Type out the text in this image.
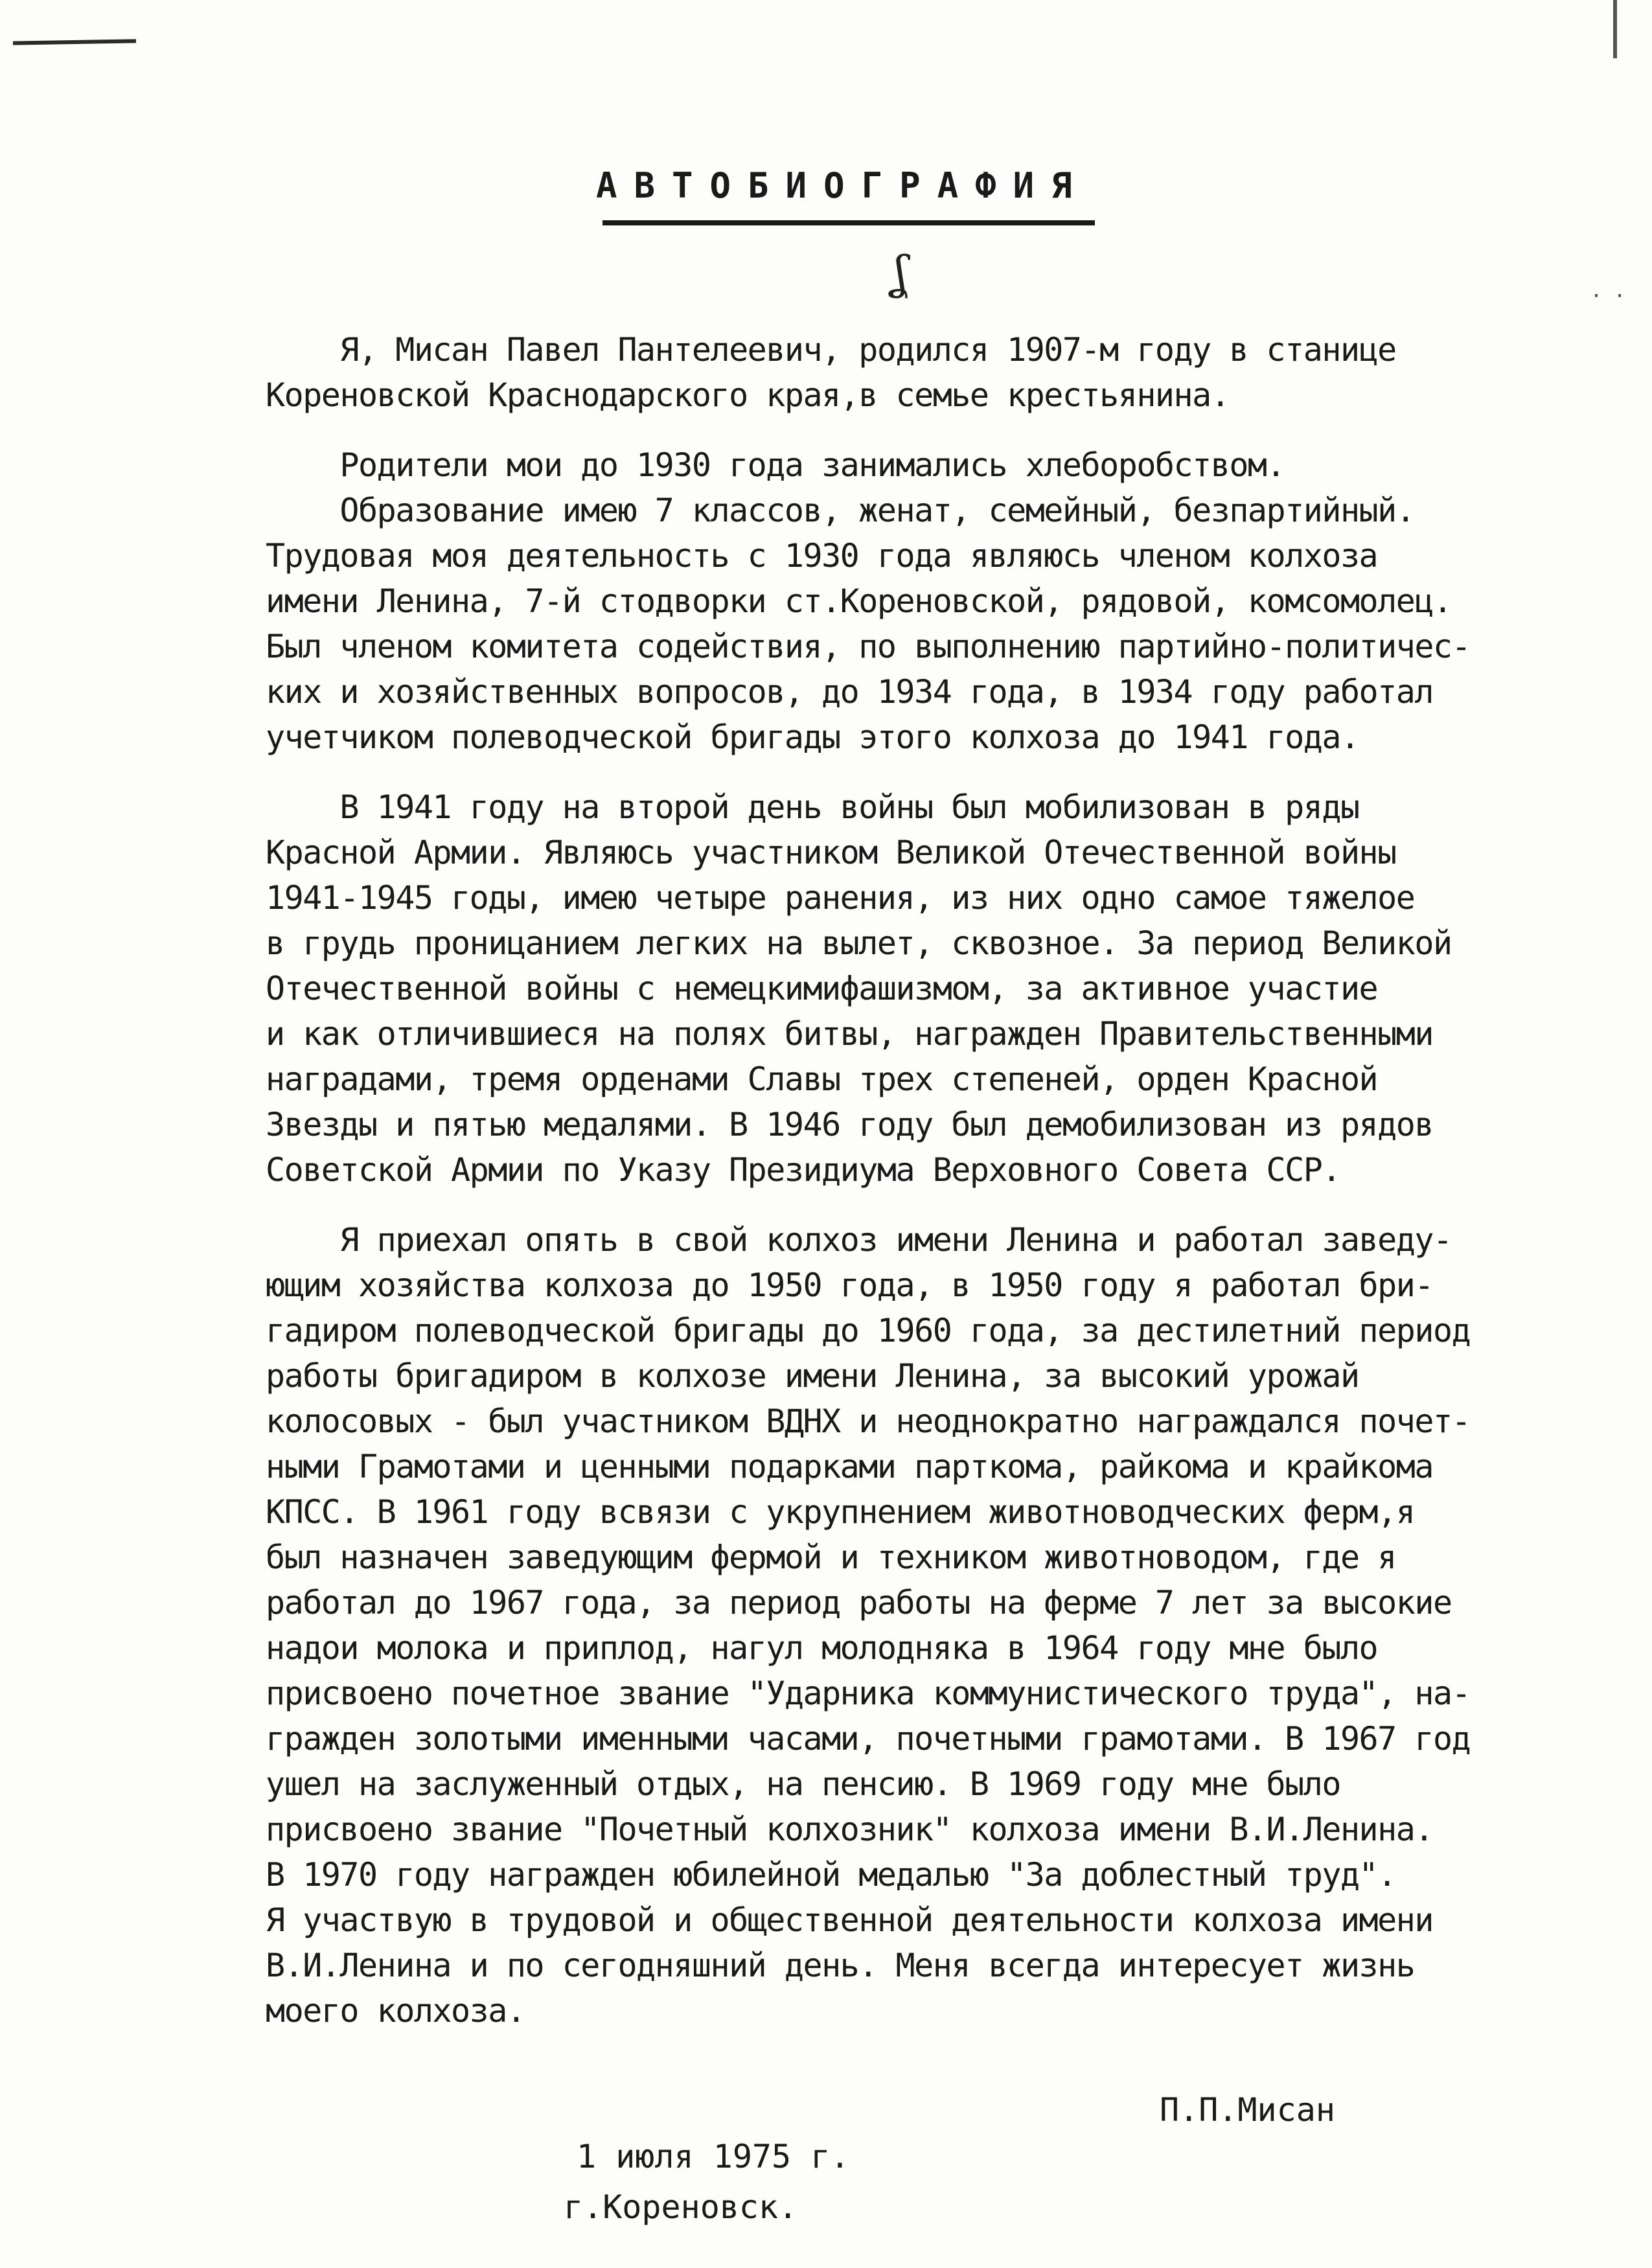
· ·
АВТОБИОГРАФИЯ
ʆ
Я, Мисан Павел Пантелеевич, родился 1907-м году в станице
Кореновской Краснодарского края,в семье крестьянина.
Родители мои до 1930 года занимались хлеборобством.
Образование имею 7 классов, женат, семейный, безпартийный.
Трудовая моя деятельность с 1930 года являюсь членом колхоза
имени Ленина, 7-й стодворки ст.Кореновской, рядовой, комсомолец.
Был членом комитета содействия, по выполнению партийно-политичес-
ких и хозяйственных вопросов, до 1934 года, в 1934 году работал
учетчиком полеводческой бригады этого колхоза до 1941 года.
В 1941 году на второй день войны был мобилизован в ряды
Красной Армии. Являюсь участником Великой Отечественной войны
1941-1945 годы, имею четыре ранения, из них одно самое тяжелое
в грудь проницанием легких на вылет, сквозное. За период Великой
Отечественной войны с немецкимифашизмом, за активное участие
и как отличившиеся на полях битвы, награжден Правительственными
наградами, тремя орденами Славы трех степеней, орден Красной
Звезды и пятью медалями. В 1946 году был демобилизован из рядов
Советской Армии по Указу Президиума Верховного Совета ССР.
Я приехал опять в свой колхоз имени Ленина и работал заведу-
ющим хозяйства колхоза до 1950 года, в 1950 году я работал бри-
гадиром полеводческой бригады до 1960 года, за дестилетний период
работы бригадиром в колхозе имени Ленина, за высокий урожай
колосовых - был участником ВДНХ и неоднократно награждался почет-
ными Грамотами и ценными подарками парткома, райкома и крайкома
КПСС. В 1961 году всвязи с укрупнением животноводческих ферм,я
был назначен заведующим фермой и техником животноводом, где я
работал до 1967 года, за период работы на ферме 7 лет за высокие
надои молока и приплод, нагул молодняка в 1964 году мне было
присвоено почетное звание "Ударника коммунистического труда", на-
гражден золотыми именными часами, почетными грамотами. В 1967 год
ушел на заслуженный отдых, на пенсию. В 1969 году мне было
присвоено звание "Почетный колхозник" колхоза имени В.И.Ленина.
В 1970 году награжден юбилейной медалью "За доблестный труд".
Я участвую в трудовой и общественной деятельности колхоза имени
В.И.Ленина и по сегодняшний день. Меня всегда интересует жизнь
моего колхоза.
П.П.Мисан
1 июля 1975 г.
г.Кореновск.
